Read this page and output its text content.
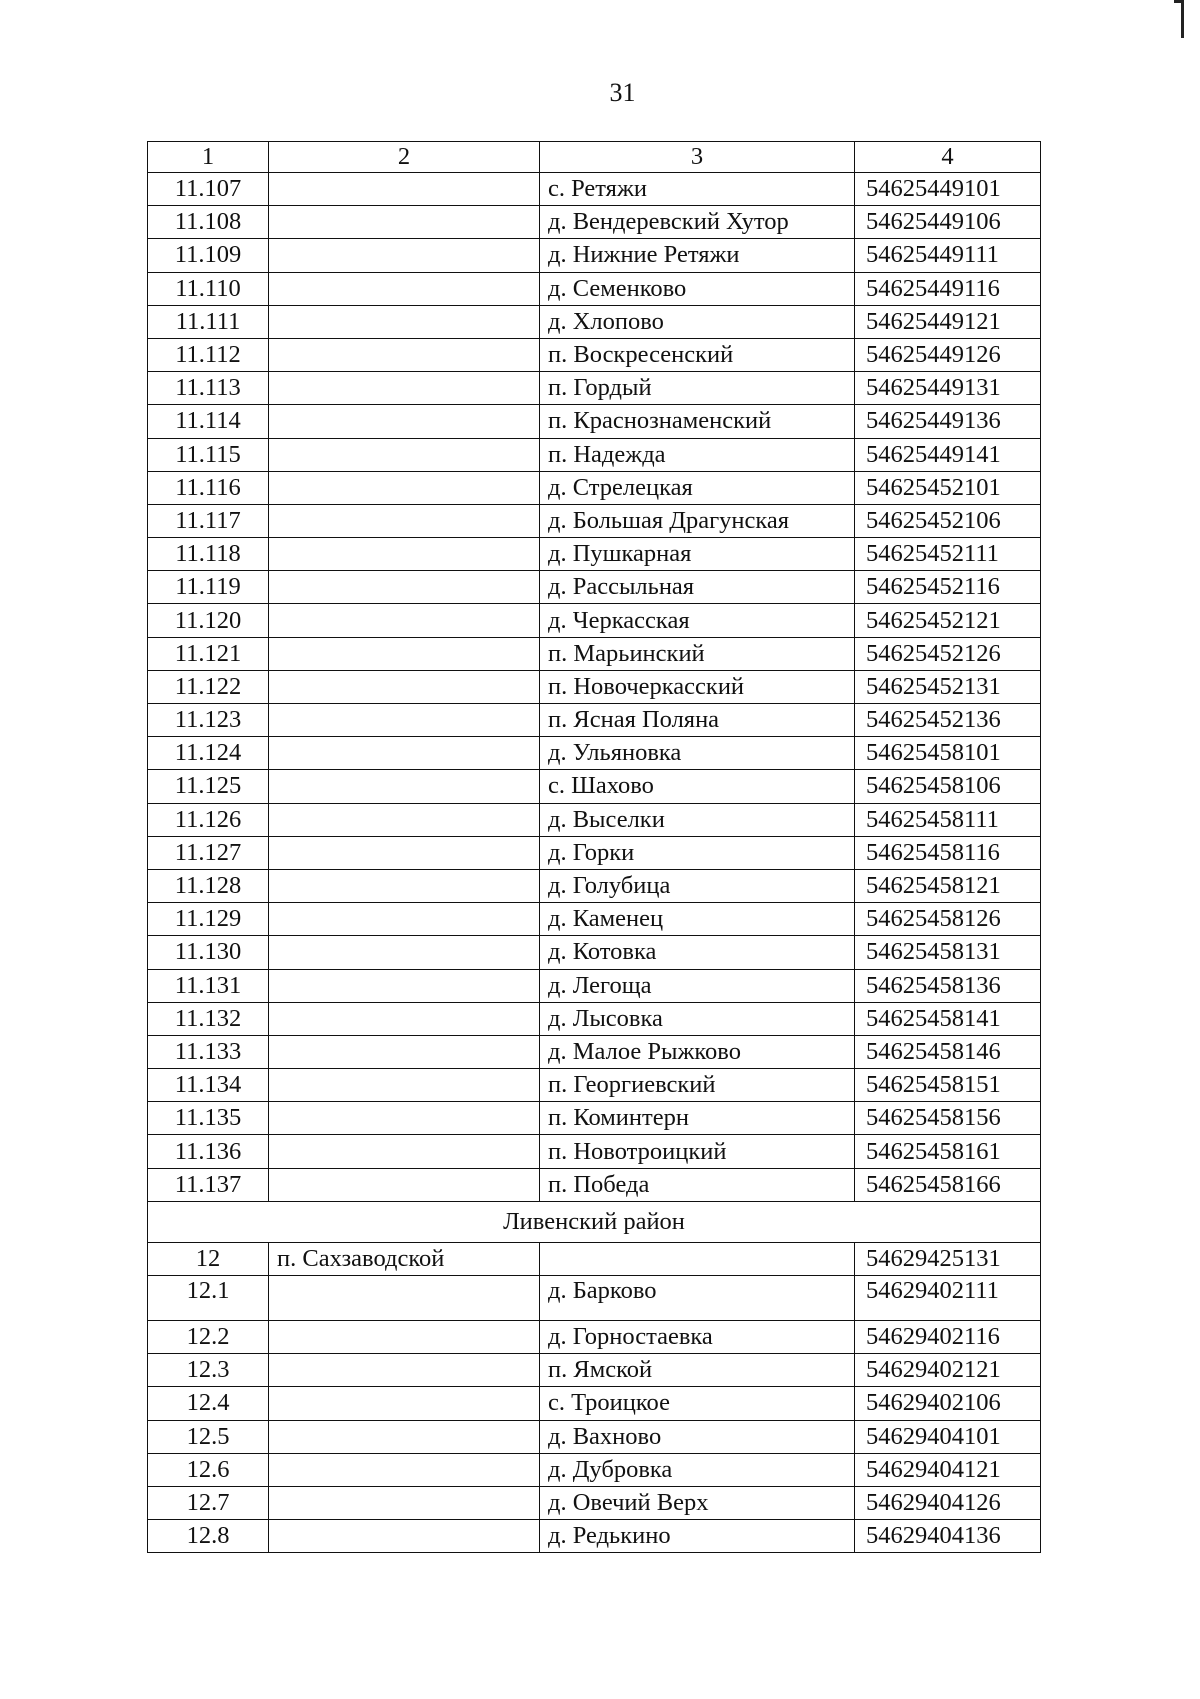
31
1	2	3	4
11.107		с. Ретяжи	54625449101
11.108		д. Вендеревский Хутор	54625449106
11.109		д. Нижние Ретяжи	54625449111
11.110		д. Семенково	54625449116
11.111		д. Хлопово	54625449121
11.112		п. Воскресенский	54625449126
11.113		п. Гордый	54625449131
11.114		п. Краснознаменский	54625449136
11.115		п. Надежда	54625449141
11.116		д. Стрелецкая	54625452101
11.117		д. Большая Драгунская	54625452106
11.118		д. Пушкарная	54625452111
11.119		д. Рассыльная	54625452116
11.120		д. Черкасская	54625452121
11.121		п. Марьинский	54625452126
11.122		п. Новочеркасский	54625452131
11.123		п. Ясная Поляна	54625452136
11.124		д. Ульяновка	54625458101
11.125		с. Шахово	54625458106
11.126		д. Выселки	54625458111
11.127		д. Горки	54625458116
11.128		д. Голубица	54625458121
11.129		д. Каменец	54625458126
11.130		д. Котовка	54625458131
11.131		д. Легоща	54625458136
11.132		д. Лысовка	54625458141
11.133		д. Малое Рыжково	54625458146
11.134		п. Георгиевский	54625458151
11.135		п. Коминтерн	54625458156
11.136		п. Новотроицкий	54625458161
11.137		п. Победа	54625458166
Ливенский район			
12	п. Сахзаводской		54629425131
12.1		д. Барково	54629402111
12.2		д. Горностаевка	54629402116
12.3		п. Ямской	54629402121
12.4		с. Троицкое	54629402106
12.5		д. Вахново	54629404101
12.6		д. Дубровка	54629404121
12.7		д. Овечий Верх	54629404126
12.8		д. Редькино	54629404136
